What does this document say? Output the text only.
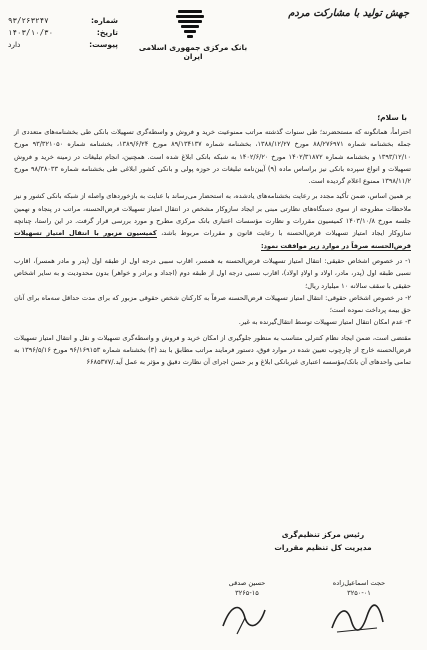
جهش تولید با مشارکت مردم
بانک مرکزی جمهوری اسلامی ایران
۹۳/۲۶۳۲۴۷	شماره:
۱۴۰۳/۱۰/۳۰	تاریخ:
دارد	پیوست:
با سلام؛

احتراماً، همانگونه که مستحضرند؛ طی سنوات گذشته مراتب ممنوعیت خرید و فروش و واسطه‌گری تسهیلات بانکی طی بخشنامه‌های متعددی از جمله بخشنامه شماره ۸۸/۲۷۶۹۷۱ مورخ ۱۳۸۸/۱۲/۲۷، بخشنامه شماره ۸۹/۱۳۴۱۳۷ مورخ ۱۳۸۹/۶/۲۴، بخشنامه شماره ۹۳/۳۲۱۰۵۰ مورخ ۱۳۹۳/۱۲/۱۰ و بخشنامه شماره ۱۴۰۲/۳۱۸۷۲ مورخ ۱۴۰۲/۶/۲۰ به شبکه بانکی ابلاغ شده است. همچنین، انجام تبلیغات در زمینه خرید و فروش تسهیلات و انواع سپرده بانکی نیز براساس ماده (۹) آیین‌نامه تبلیغات در حوزه پولی و بانکی کشور ابلاغی طی بخشنامه شماره ۹۸/۳۸۰۳۳ مورخ ۱۳۹۸/۱۱/۲ ممنوع اعلام گردیده است.

بر همین اساس، ضمن تأکید مجدد بر رعایت بخشنامه‌های یادشده، به استحضار می‌رساند با عنایت به بازخوردهای واصله از شبکه بانکی کشور و نیز ملاحظات مطروحه از سوی دستگاه‌های نظارتی مبنی بر ایجاد سازوکار مشخص در انتقال امتیاز تسهیلات قرض‌الحسنه، مراتب در پنجاه و نهمین جلسه مورخ ۱۴۰۳/۱۰/۸ کمیسیون مقررات و نظارت مؤسسات اعتباری بانک مرکزی مطرح و مورد بررسی قرار گرفت. در این راستا، چنانچه سازوکار ایجاد امتیاز تسهیلات قرض‌الحسنه با رعایت قانون و مقررات مربوط باشد، کمیسیون مزبور با انتقال امتیاز تسهیلات قرض‌الحسنه صرفاً در موارد زیر موافقت نمود:

۱- در خصوص اشخاص حقیقی: انتقال امتیاز تسهیلات قرض‌الحسنه به همسر، اقارب سببی درجه اول از طبقه اول (پدر و مادر همسر)، اقارب نسبی طبقه اول (پدر، مادر، اولاد و اولادِ اولاد)، اقارب نسبی درجه اول از طبقه دوم (اجداد و برادر و خواهر) بدون محدودیت و به سایر اشخاص حقیقی با سقف سالانه ۱۰ میلیارد ریال؛

۲- در خصوص اشخاص حقوقی: انتقال امتیاز تسهیلات قرض‌الحسنه صرفاً به کارکنان شخص حقوقی مزبور که برای مدت حداقل سه‌ماه برای آنان حق بیمه پرداخت نموده است؛

۳- عدم امکان انتقال امتیاز تسهیلات توسط انتقال‌گیرنده به غیر.

مقتضی است، ضمن ایجاد نظام کنترلی متناسب به منظور جلوگیری از امکان خرید و فروش و واسطه‌گری تسهیلات و نقل و انتقال امتیاز تسهیلات قرض‌الحسنه خارج از چارچوب تعیین شده در موارد فوق، دستور فرمایند مراتب مطابق با بند (۳) بخشنامه شماره ۹۶/۱۶۹۱۵۳ مورخ ۱۳۹۶/۵/۱۶ به تمامی واحدهای آن بانک/مؤسسه اعتباری غیربانکی ابلاغ و بر حسن اجرای آن نظارت دقیق و مؤثر به عمل آید./۶۶۸۵۳۷۷

رئیس مرکز تنظیم‌گری
مدیریت کل تنظیم مقررات
حجت اسماعیل‌زاده
۳۲۵۰-۰۱
حسین صدقی
۳۲۶۵-۱۵
